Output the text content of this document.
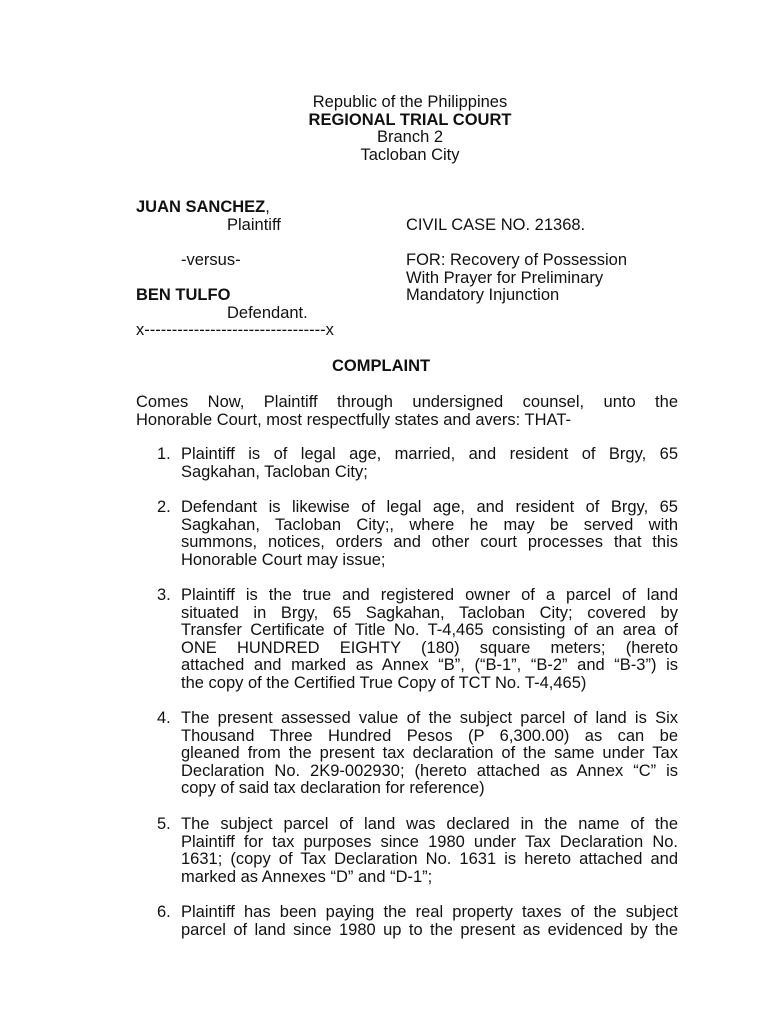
Republic of the Philippines
REGIONAL TRIAL COURT
Branch 2
Tacloban City
JUAN SANCHEZ,
Plaintiff	CIVIL CASE NO. 21368.
-versus-	FOR: Recovery of Possession
With Prayer for Preliminary
BEN TULFO	Mandatory Injunction
Defendant.
x---------------------------------x
COMPLAINT
Comes Now, Plaintiff through undersigned counsel, unto the
Honorable Court, most respectfully states and avers: THAT-
1. Plaintiff is of legal age, married, and resident of Brgy, 65
Sagkahan, Tacloban City;
2. Defendant is likewise of legal age, and resident of Brgy, 65
Sagkahan, Tacloban City;, where he may be served with
summons, notices, orders and other court processes that this
Honorable Court may issue;
3. Plaintiff is the true and registered owner of a parcel of land
situated in Brgy, 65 Sagkahan, Tacloban City; covered by
Transfer Certificate of Title No. T-4,465 consisting of an area of
ONE HUNDRED EIGHTY (180) square meters; (hereto
attached and marked as Annex “B”, (“B-1”, “B-2” and “B-3”) is
the copy of the Certified True Copy of TCT No. T-4,465)
4. The present assessed value of the subject parcel of land is Six
Thousand Three Hundred Pesos (P 6,300.00) as can be
gleaned from the present tax declaration of the same under Tax
Declaration No. 2K9-002930; (hereto attached as Annex “C” is
copy of said tax declaration for reference)
5. The subject parcel of land was declared in the name of the
Plaintiff for tax purposes since 1980 under Tax Declaration No.
1631; (copy of Tax Declaration No. 1631 is hereto attached and
marked as Annexes “D” and “D-1”;
6. Plaintiff has been paying the real property taxes of the subject
parcel of land since 1980 up to the present as evidenced by the
